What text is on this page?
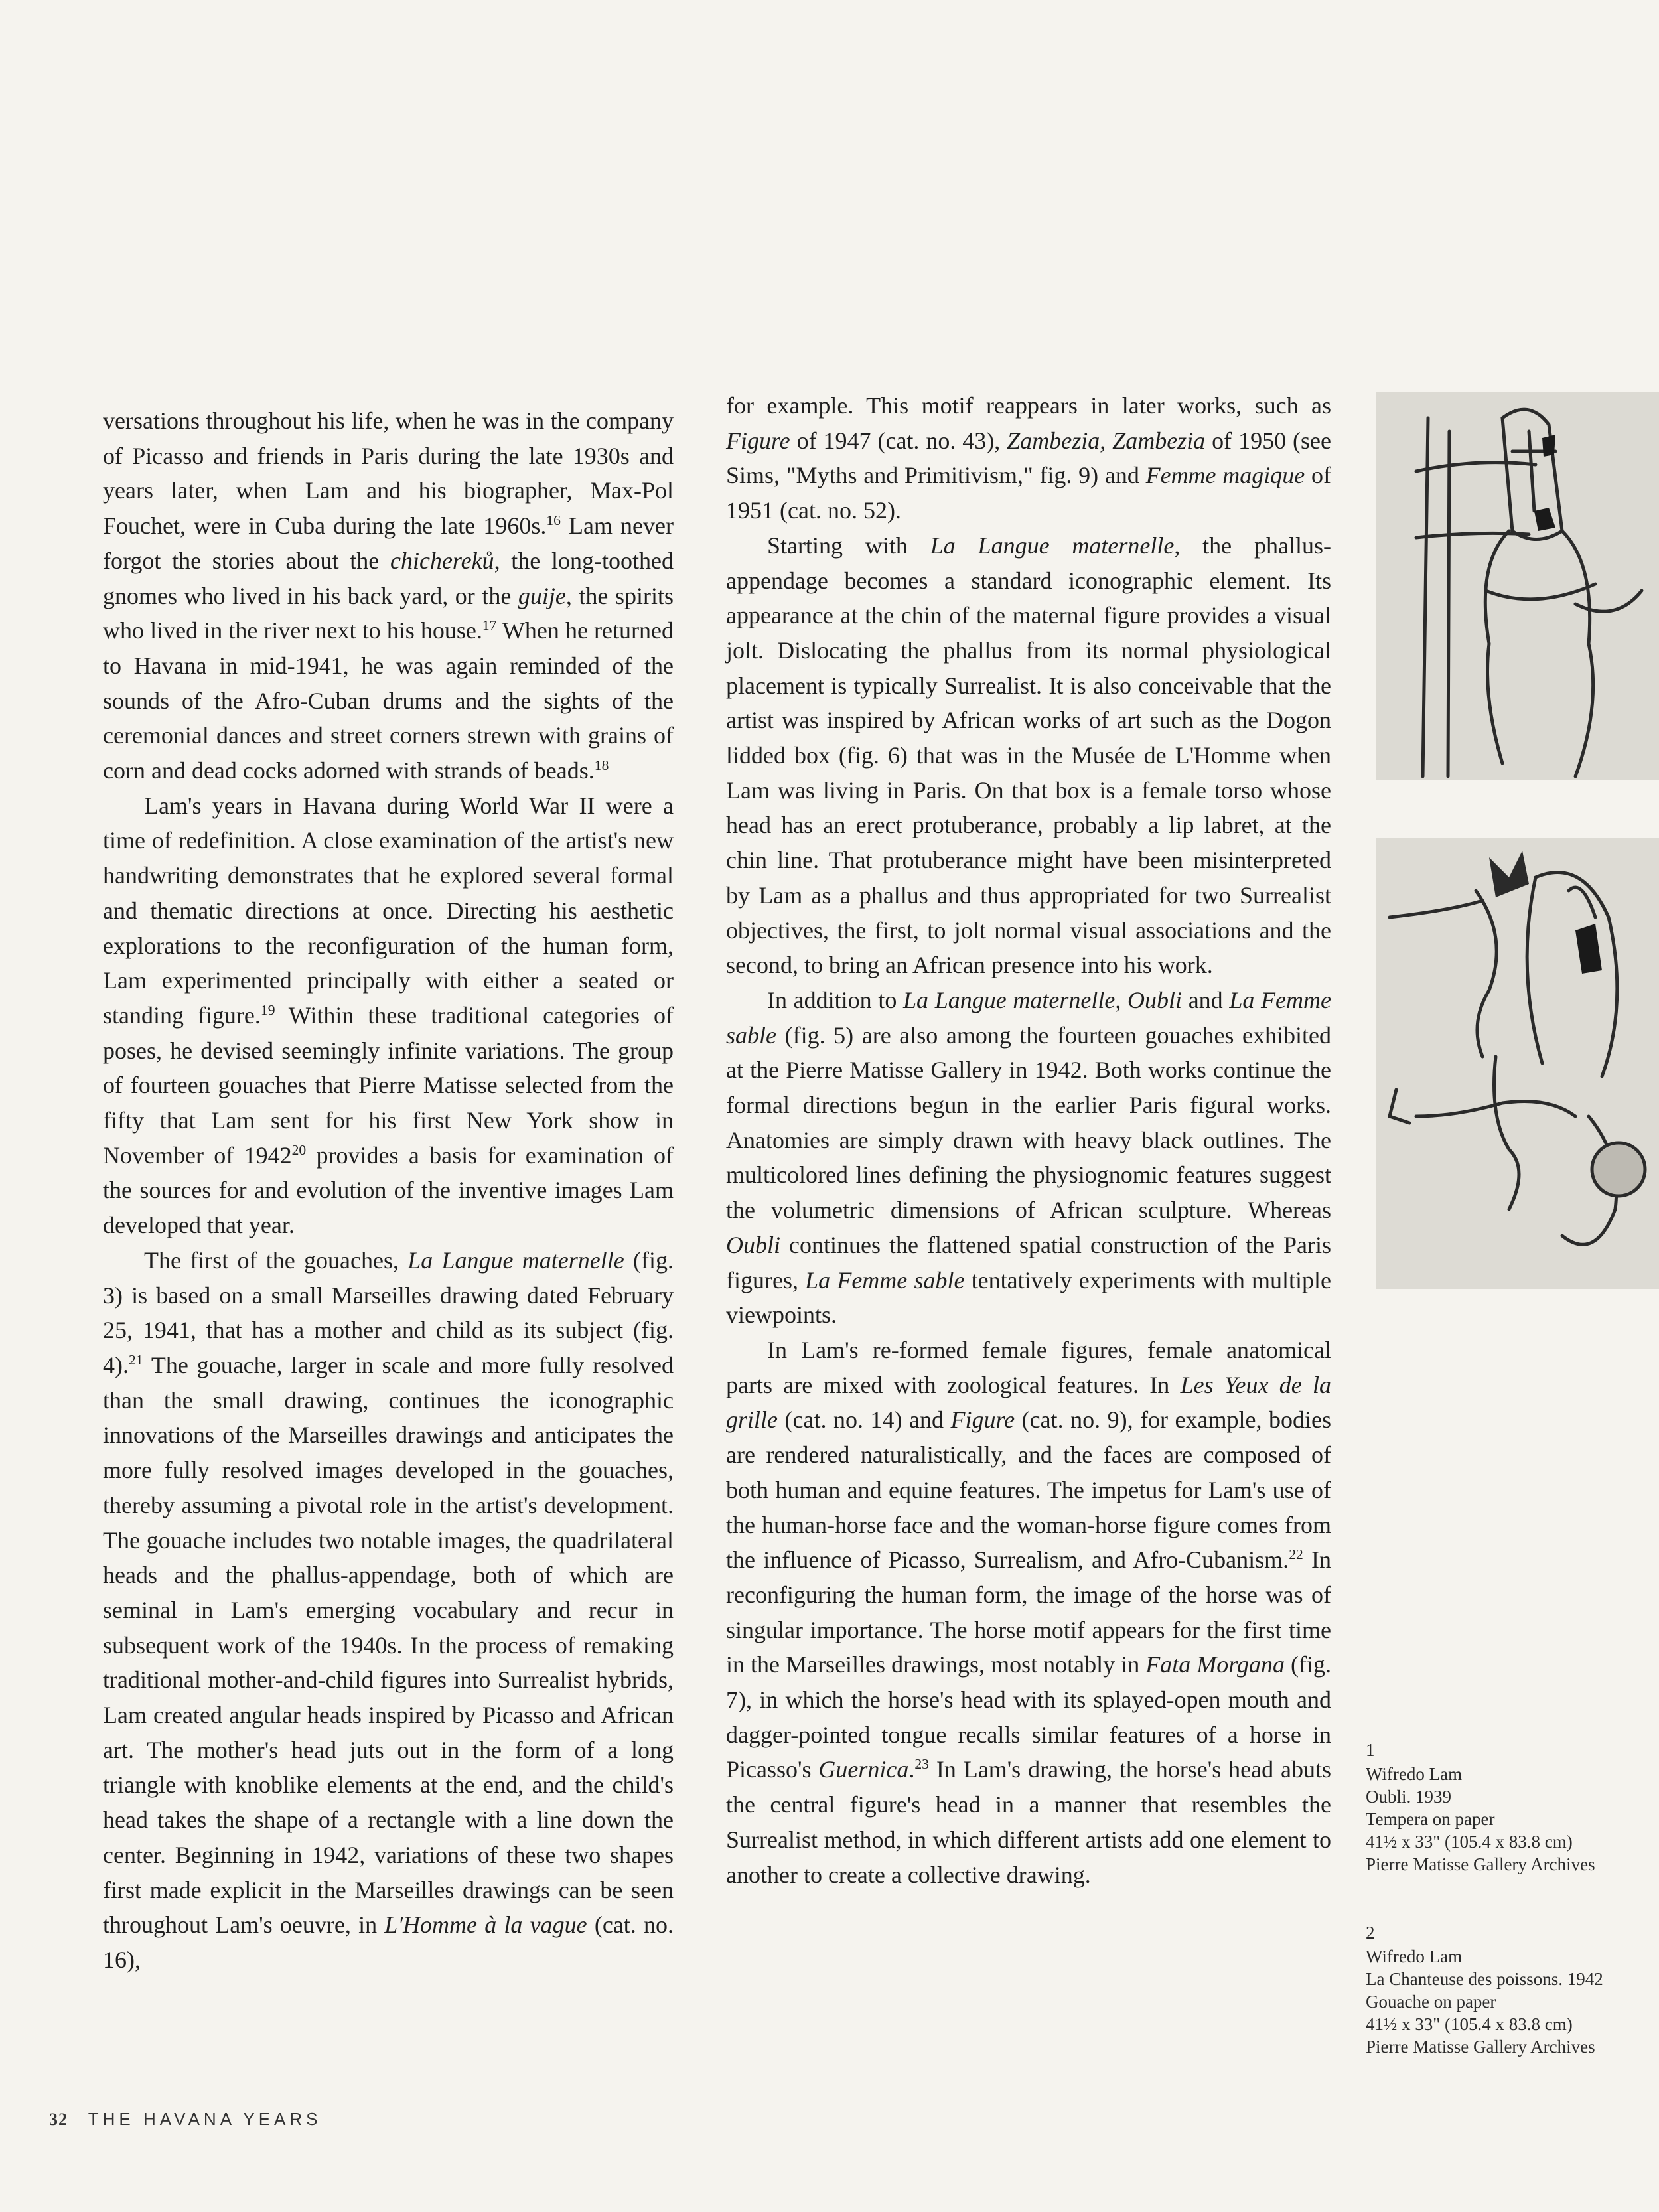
versations throughout his life, when he was in the company of Picasso and friends in Paris during the late 1930s and years later, when Lam and his biographer, Max-Pol Fouchet, were in Cuba during the late 1960s.$^{16}$ Lam never forgot the stories about the chichereků, the long-toothed gnomes who lived in his back yard, or the guije, the spirits who lived in the river next to his house.$^{17}$ When he returned to Havana in mid-1941, he was again reminded of the sounds of the Afro-Cuban drums and the sights of the ceremonial dances and street corners strewn with grains of corn and dead cocks adorned with strands of beads.$^{18}$

Lam's years in Havana during World War II were a time of redefinition. A close examination of the artist's new handwriting demonstrates that he explored several formal and thematic directions at once. Directing his aesthetic explorations to the reconfiguration of the human form, Lam experimented principally with either a seated or standing figure.$^{19}$ Within these traditional categories of poses, he devised seemingly infinite variations. The group of fourteen gouaches that Pierre Matisse selected from the fifty that Lam sent for his first New York show in November of 1942$^{20}$ provides a basis for examination of the sources for and evolution of the inventive images Lam developed that year.

The first of the gouaches, La Langue maternelle (fig. 3) is based on a small Marseilles drawing dated February 25, 1941, that has a mother and child as its subject (fig. 4).$^{21}$ The gouache, larger in scale and more fully resolved than the small drawing, continues the iconographic innovations of the Marseilles drawings and anticipates the more fully resolved images developed in the gouaches, thereby assuming a pivotal role in the artist's development. The gouache includes two notable images, the quadrilateral heads and the phallus-appendage, both of which are seminal in Lam's emerging vocabulary and recur in subsequent work of the 1940s. In the process of remaking traditional mother-and-child figures into Surrealist hybrids, Lam created angular heads inspired by Picasso and African art. The mother's head juts out in the form of a long triangle with knoblike elements at the end, and the child's head takes the shape of a rectangle with a line down the center. Beginning in 1942, variations of these two shapes first made explicit in the Marseilles drawings can be seen throughout Lam's oeuvre, in L'Homme à la vague (cat. no. 16),

for example. This motif reappears in later works, such as Figure of 1947 (cat. no. 43), Zambezia, Zambezia of 1950 (see Sims, "Myths and Primitivism," fig. 9) and Femme magique of 1951 (cat. no. 52).

Starting with La Langue maternelle, the phallus-appendage becomes a standard iconographic element. Its appearance at the chin of the maternal figure provides a visual jolt. Dislocating the phallus from its normal physiological placement is typically Surrealist. It is also conceivable that the artist was inspired by African works of art such as the Dogon lidded box (fig. 6) that was in the Musée de L'Homme when Lam was living in Paris. On that box is a female torso whose head has an erect protuberance, probably a lip labret, at the chin line. That protuberance might have been misinterpreted by Lam as a phallus and thus appropriated for two Surrealist objectives, the first, to jolt normal visual associations and the second, to bring an African presence into his work.

In addition to La Langue maternelle, Oubli and La Femme sable (fig. 5) are also among the fourteen gouaches exhibited at the Pierre Matisse Gallery in 1942. Both works continue the formal directions begun in the earlier Paris figural works. Anatomies are simply drawn with heavy black outlines. The multicolored lines defining the physiognomic features suggest the volumetric dimensions of African sculpture. Whereas Oubli continues the flattened spatial construction of the Paris figures, La Femme sable tentatively experiments with multiple viewpoints.

In Lam's re-formed female figures, female anatomical parts are mixed with zoological features. In Les Yeux de la grille (cat. no. 14) and Figure (cat. no. 9), for example, bodies are rendered naturalistically, and the faces are composed of both human and equine features. The impetus for Lam's use of the human-horse face and the woman-horse figure comes from the influence of Picasso, Surrealism, and Afro-Cubanism.$^{22}$ In reconfiguring the human form, the image of the horse was of singular importance. The horse motif appears for the first time in the Marseilles drawings, most notably in Fata Morgana (fig. 7), in which the horse's head with its splayed-open mouth and dagger-pointed tongue recalls similar features of a horse in Picasso's Guernica.$^{23}$ In Lam's drawing, the horse's head abuts the central figure's head in a manner that resembles the Surrealist method, in which different artists add one element to another to create a collective drawing.

1
Wifredo Lam
Oubli. 1939
Tempera on paper
41½ x 33" (105.4 x 83.8 cm)
Pierre Matisse Gallery Archives
2
Wifredo Lam
La Chanteuse des poissons. 1942
Gouache on paper
41½ x 33" (105.4 x 83.8 cm)
Pierre Matisse Gallery Archives
32 THE HAVANA YEARS
